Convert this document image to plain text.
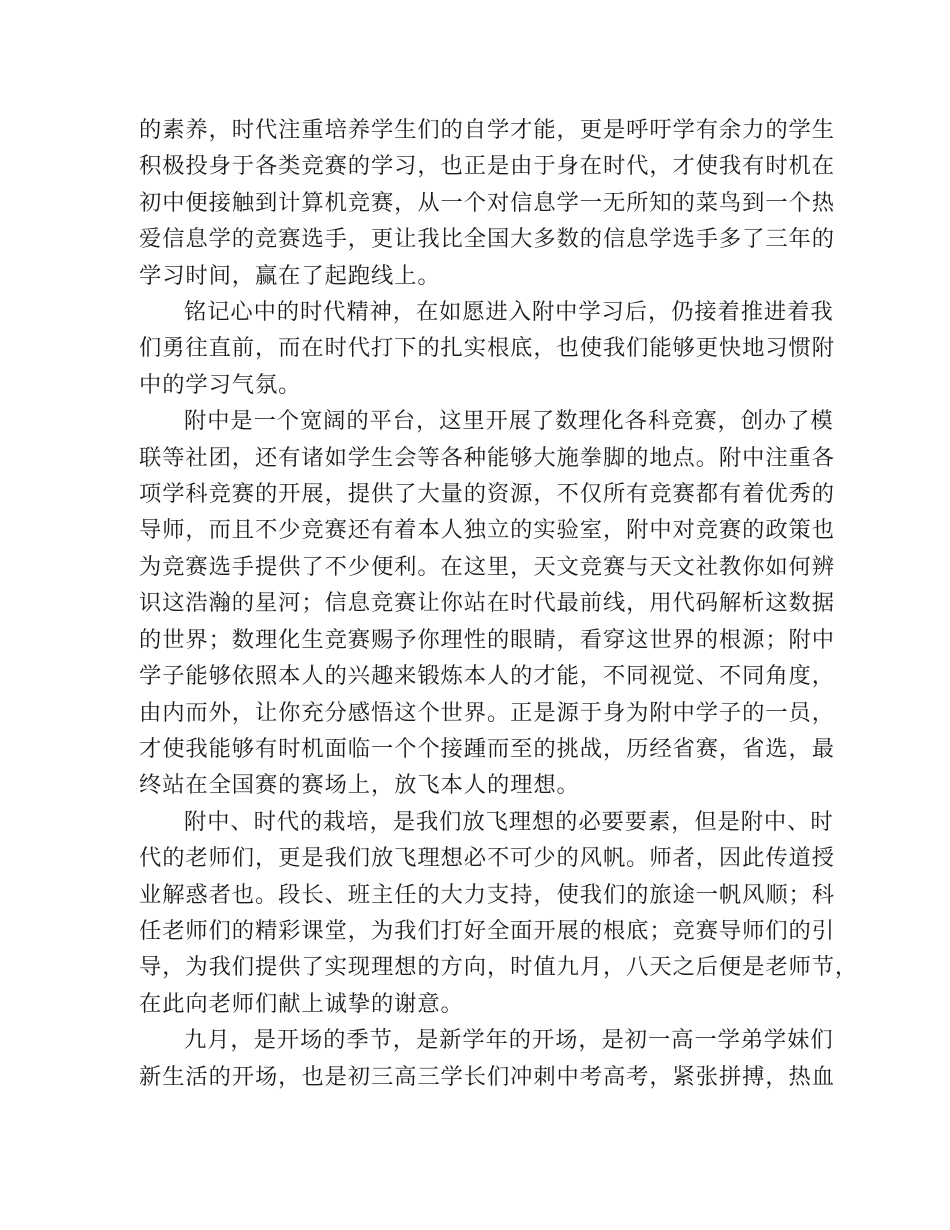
的素养，时代注重培养学生们的自学才能，更是呼吁学有余力的学生
积极投身于各类竞赛的学习，也正是由于身在时代，才使我有时机在
初中便接触到计算机竞赛，从一个对信息学一无所知的菜鸟到一个热
爱信息学的竞赛选手，更让我比全国大多数的信息学选手多了三年的
学习时间，赢在了起跑线上。
铭记心中的时代精神，在如愿进入附中学习后，仍接着推进着我
们勇往直前，而在时代打下的扎实根底，也使我们能够更快地习惯附
中的学习气氛。
附中是一个宽阔的平台，这里开展了数理化各科竞赛，创办了模
联等社团，还有诸如学生会等各种能够大施拳脚的地点。附中注重各
项学科竞赛的开展，提供了大量的资源，不仅所有竞赛都有着优秀的
导师，而且不少竞赛还有着本人独立的实验室，附中对竞赛的政策也
为竞赛选手提供了不少便利。在这里，天文竞赛与天文社教你如何辨
识这浩瀚的星河；信息竞赛让你站在时代最前线，用代码解析这数据
的世界；数理化生竞赛赐予你理性的眼睛，看穿这世界的根源；附中
学子能够依照本人的兴趣来锻炼本人的才能，不同视觉、不同角度，
由内而外，让你充分感悟这个世界。正是源于身为附中学子的一员，
才使我能够有时机面临一个个接踵而至的挑战，历经省赛，省选，最
终站在全国赛的赛场上，放飞本人的理想。
附中、时代的栽培，是我们放飞理想的必要要素，但是附中、时
代的老师们，更是我们放飞理想必不可少的风帆。师者，因此传道授
业解惑者也。段长、班主任的大力支持，使我们的旅途一帆风顺；科
任老师们的精彩课堂，为我们打好全面开展的根底；竞赛导师们的引
导，为我们提供了实现理想的方向，时值九月，八天之后便是老师节，
在此向老师们献上诚挚的谢意。
九月，是开场的季节，是新学年的开场，是初一高一学弟学妹们
新生活的开场，也是初三高三学长们冲刺中考高考，紧张拼搏，热血
